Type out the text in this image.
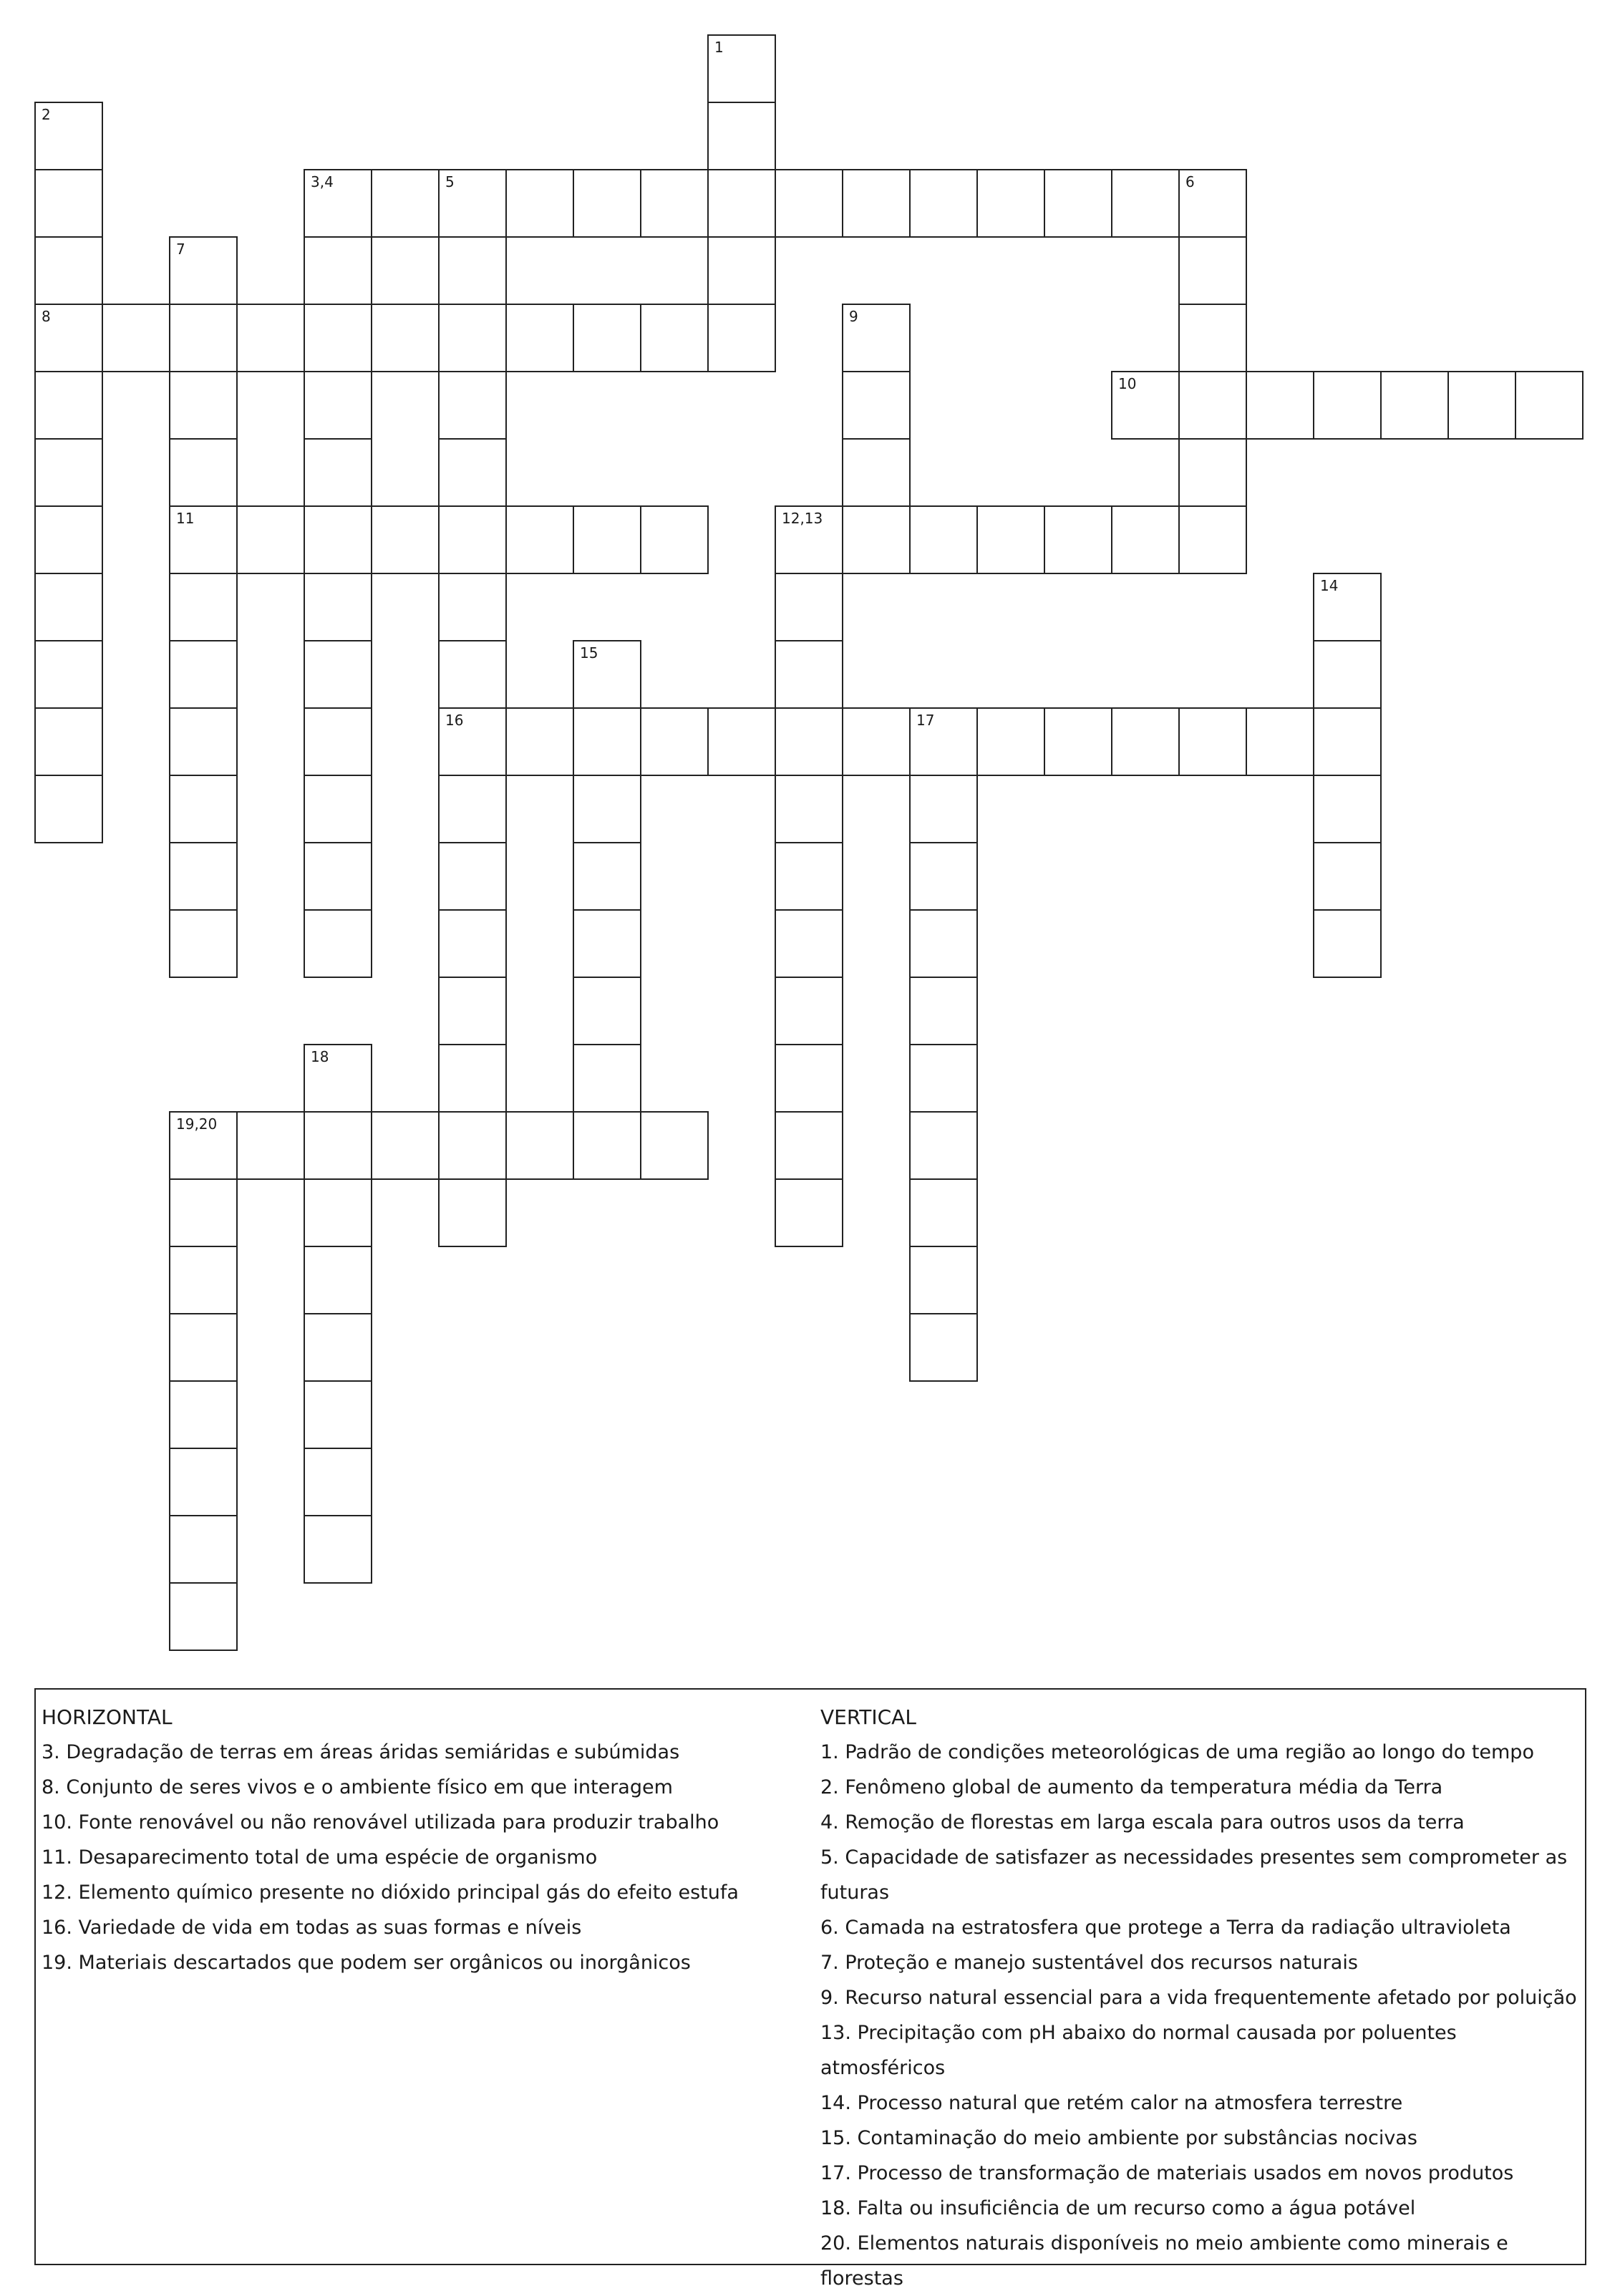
3,4	5	6
8
10
11	12,13
16	17
19,20
1
2
7
9
14
15
18

HORIZONTAL

3. Degradação de terras em áreas áridas semiáridas e subúmidas

8. Conjunto de seres vivos e o ambiente físico em que interagem

10. Fonte renovável ou não renovável utilizada para produzir trabalho

11. Desaparecimento total de uma espécie de organismo

12. Elemento químico presente no dióxido principal gás do efeito estufa

16. Variedade de vida em todas as suas formas e níveis

19. Materiais descartados que podem ser orgânicos ou inorgânicos

VERTICAL

1. Padrão de condições meteorológicas de uma região ao longo do tempo

2. Fenômeno global de aumento da temperatura média da Terra

4. Remoção de florestas em larga escala para outros usos da terra

5. Capacidade de satisfazer as necessidades presentes sem comprometer as futuras

6. Camada na estratosfera que protege a Terra da radiação ultravioleta

7. Proteção e manejo sustentável dos recursos naturais

9. Recurso natural essencial para a vida frequentemente afetado por poluição

13. Precipitação com pH abaixo do normal causada por poluentes atmosféricos

14. Processo natural que retém calor na atmosfera terrestre

15. Contaminação do meio ambiente por substâncias nocivas

17. Processo de transformação de materiais usados em novos produtos

18. Falta ou insuficiência de um recurso como a água potável

20. Elementos naturais disponíveis no meio ambiente como minerais e florestas
